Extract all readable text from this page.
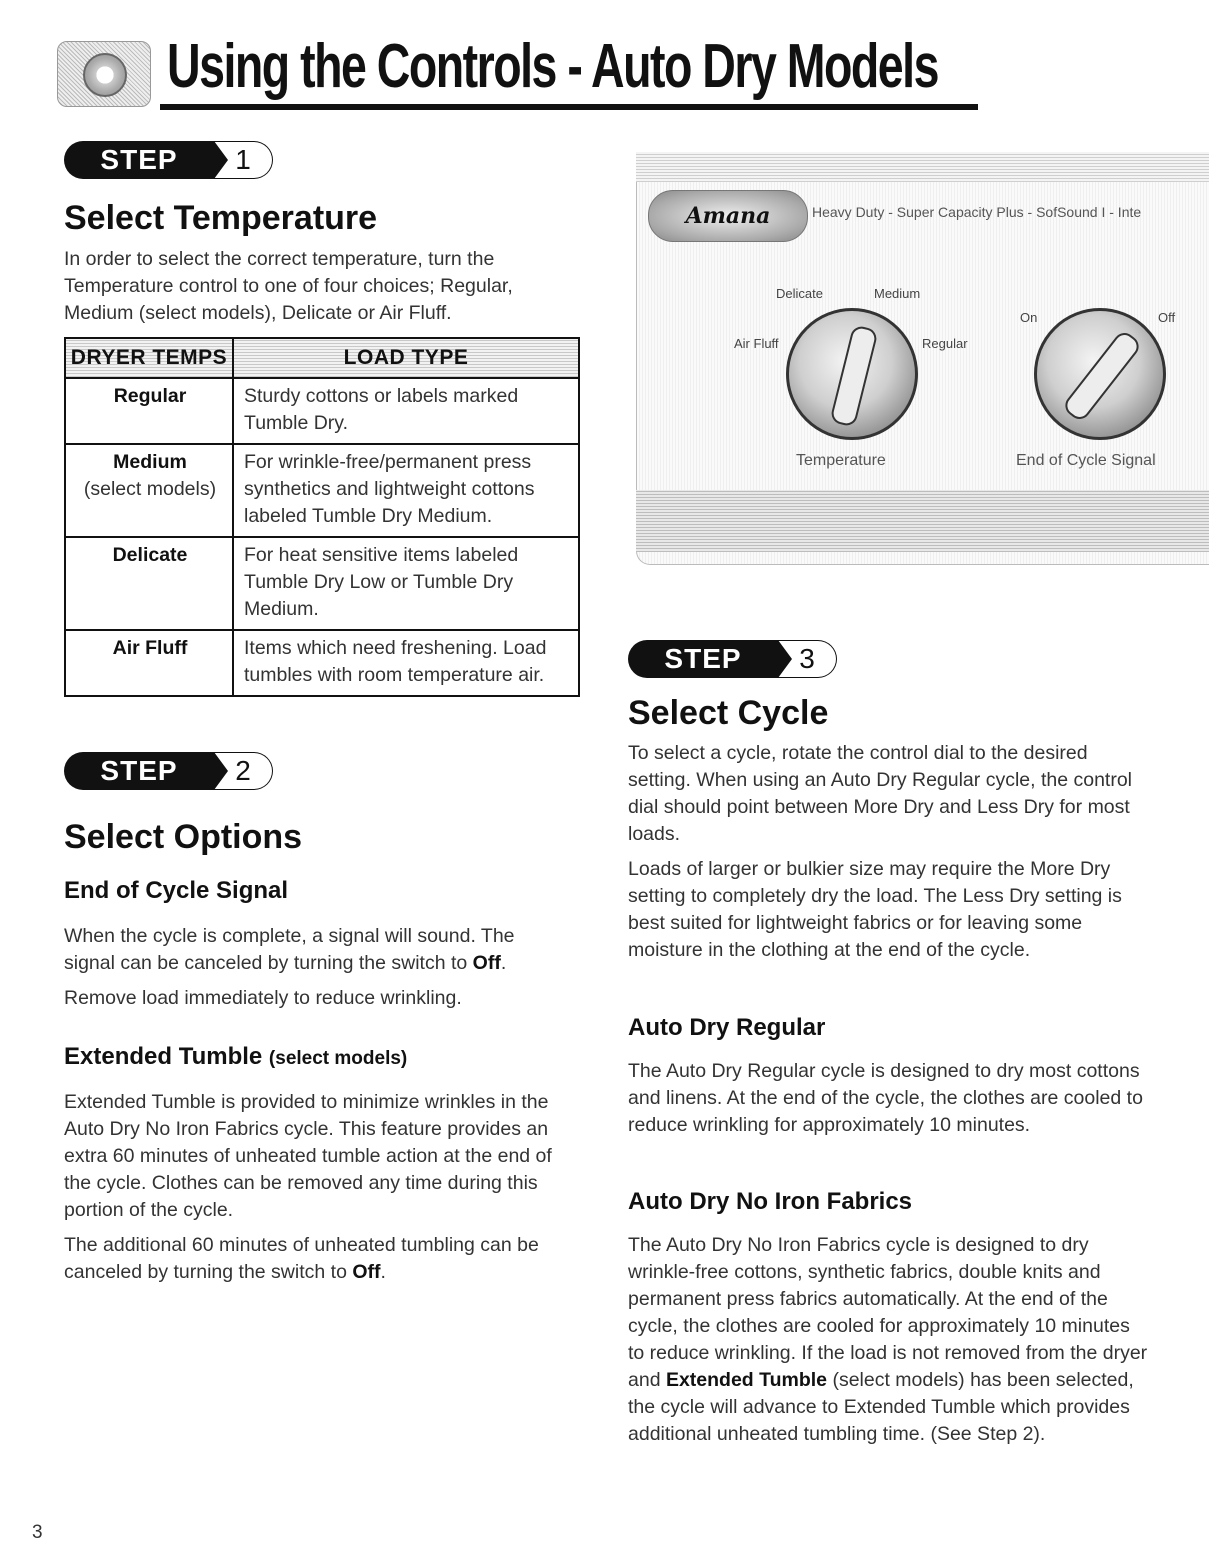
Using the Controls - Auto Dry Models
STEP	1
Select Temperature

In order to select the correct temperature, turn the Temperature control to one of four choices; Regular, Medium (select models), Delicate or Air Fluff.

DRYER TEMPS	LOAD TYPE
Regular	Sturdy cottons or labels marked Tumble Dry.
Medium
(select models)	For wrinkle-free/permanent press synthetics and lightweight cottons labeled Tumble Dry Medium.
Delicate	For heat sensitive items labeled Tumble Dry Low or Tumble Dry Medium.
Air Fluff	Items which need freshening. Load tumbles with room temperature air.
STEP	2
Select Options
End of Cycle Signal

When the cycle is complete, a signal will sound. The signal can be canceled by turning the switch to Off.

Remove load immediately to reduce wrinkling.

Extended Tumble (select models)

Extended Tumble is provided to minimize wrinkles in the Auto Dry No Iron Fabrics cycle. This feature provides an extra 60 minutes of unheated tumble action at the end of the cycle. Clothes can be removed any time during this portion of the cycle.

The additional 60 minutes of unheated tumbling can be canceled by turning the switch to Off.

Amana	Heavy Duty - Super Capacity Plus - SofSound I - Inte
Delicate	Medium
Air Fluff	Regular
On	Off
Temperature	End of Cycle Signal
STEP	3
Select Cycle

To select a cycle, rotate the control dial to the desired setting. When using an Auto Dry Regular cycle, the control dial should point between More Dry and Less Dry for most loads.

Loads of larger or bulkier size may require the More Dry setting to completely dry the load. The Less Dry setting is best suited for lightweight fabrics or for leaving some moisture in the clothing at the end of the cycle.

Auto Dry Regular

The Auto Dry Regular cycle is designed to dry most cottons and linens. At the end of the cycle, the clothes are cooled to reduce wrinkling for approximately 10 minutes.

Auto Dry No Iron Fabrics

The Auto Dry No Iron Fabrics cycle is designed to dry wrinkle-free cottons, synthetic fabrics, double knits and permanent press fabrics automatically. At the end of the cycle, the clothes are cooled for approximately 10 minutes to reduce wrinkling. If the load is not removed from the dryer and Extended Tumble (select models) has been selected, the cycle will advance to Extended Tumble which provides additional unheated tumbling time. (See Step 2).

3
